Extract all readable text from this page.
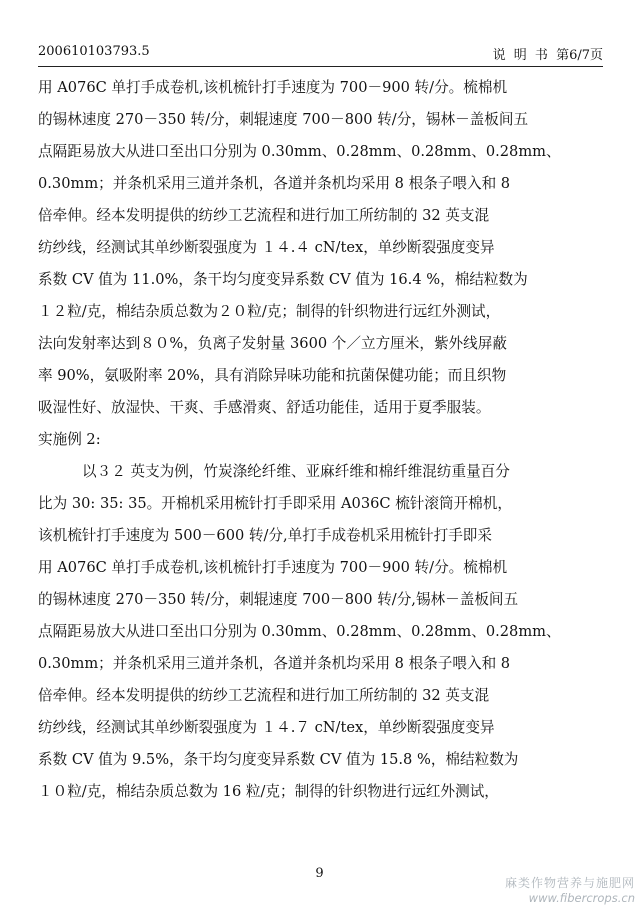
200610103793.5	说 明 书 第6/7页
用 A076C 单打手成卷机,该机梳针打手速度为 700－900 转/分。梳棉机
的锡林速度 270－350 转/分，刺辊速度 700－800 转/分，锡林－盖板间五
点隔距易放大从进口至出口分别为 0.30mm、0.28mm、0.28mm、0.28mm、
0.30mm；并条机采用三道并条机，各道并条机均采用 8 根条子喂入和 8
倍牵伸。经本发明提供的纺纱工艺流程和进行加工所纺制的 32 英支混
纺纱线，经测试其单纱断裂强度为 １４.４ cN/tex，单纱断裂强度变异
系数 CV 值为 11.0%，条干均匀度变异系数 CV 值为 16.4 %，棉结粒数为
１２粒/克，棉结杂质总数为２０粒/克；制得的针织物进行远红外测试，
法向发射率达到８０%，负离子发射量 3600 个／立方厘米，紫外线屏蔽
率 90%，氨吸附率 20%，具有消除异味功能和抗菌保健功能；而且织物
吸湿性好、放湿快、干爽、手感滑爽、舒适功能佳，适用于夏季服装。
实施例 2:
以３２ 英支为例，竹炭涤纶纤维、亚麻纤维和棉纤维混纺重量百分
比为 30: 35: 35。开棉机采用梳针打手即采用 A036C 梳针滚筒开棉机，
该机梳针打手速度为 500－600 转/分,单打手成卷机采用梳针打手即采
用 A076C 单打手成卷机,该机梳针打手速度为 700－900 转/分。梳棉机
的锡林速度 270－350 转/分，刺辊速度 700－800 转/分,锡林－盖板间五
点隔距易放大从进口至出口分别为 0.30mm、0.28mm、0.28mm、0.28mm、
0.30mm；并条机采用三道并条机，各道并条机均采用 8 根条子喂入和 8
倍牵伸。经本发明提供的纺纱工艺流程和进行加工所纺制的 32 英支混
纺纱线，经测试其单纱断裂强度为 １４.７ cN/tex，单纱断裂强度变异
系数 CV 值为 9.5%，条干均匀度变异系数 CV 值为 15.8 %，棉结粒数为
１０粒/克，棉结杂质总数为 16 粒/克；制得的针织物进行远红外测试，
9
麻类作物营养与施肥网
www.fibercrops.cn
